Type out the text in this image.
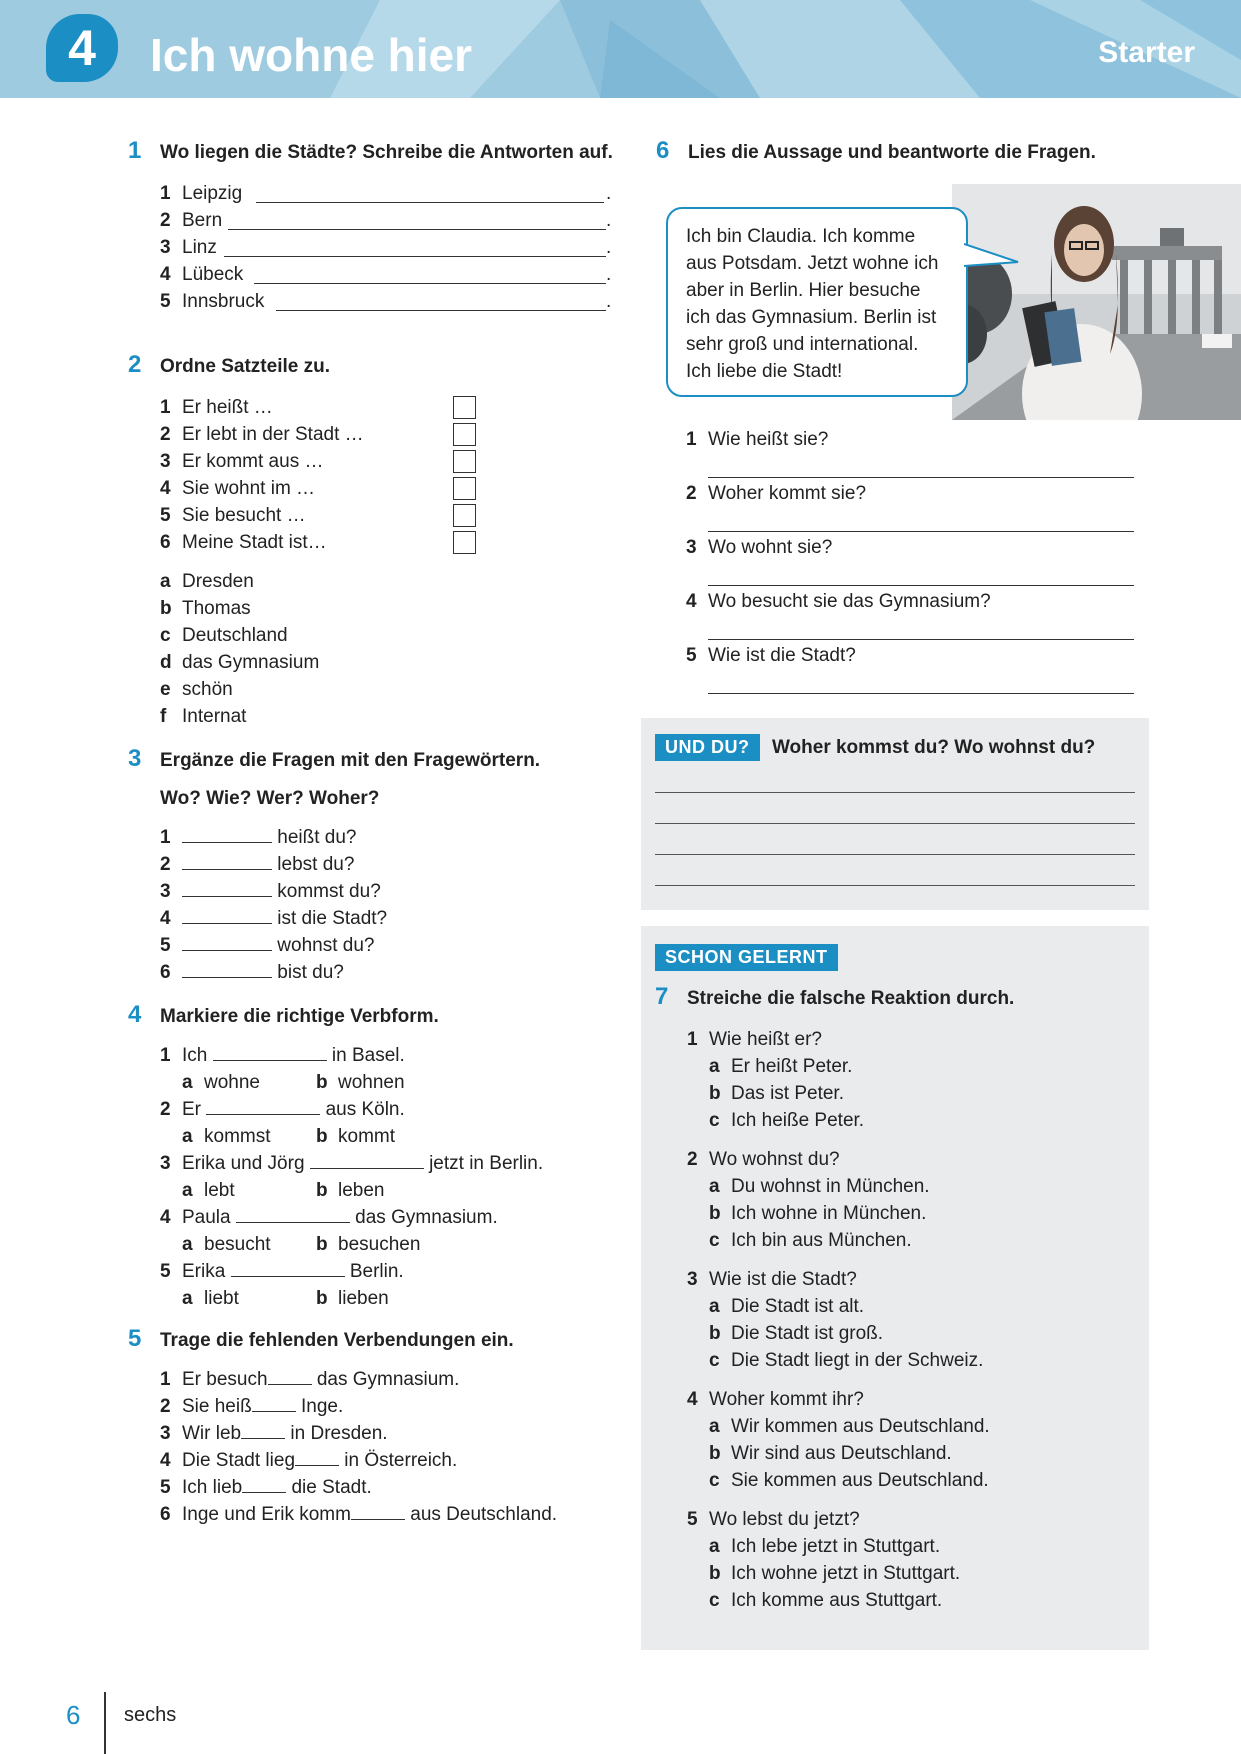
4	Ich wohne hier	Starter
1 Wo liegen die Städte? Schreibe die Antworten auf.
1 Leipzig	.
2 Bern	.
3 Linz	.
4 Lübeck	.
5 Innsbruck	.
2 Ordne Satzteile zu.
1 Er heißt …
2 Er lebt in der Stadt …
3 Er kommt aus …
4 Sie wohnt im …
5 Sie besucht …
6 Meine Stadt ist…
a Dresden
b Thomas
c Deutschland
d das Gymnasium
e schön
f Internat
3 Ergänze die Fragen mit den Fragewörtern.
Wo? Wie? Wer? Woher?
1	heißt du?
2	lebst du?
3	kommst du?
4	ist die Stadt?
5	wohnst du?
6	bist du?
4 Markiere die richtige Verbform.
1 Ich	in Basel.
a wohne	b wohnen
2 Er	aus Köln.
a kommst b kommt
3 Erika und Jörg	jetzt in Berlin.
a lebt	b leben
4 Paula	das Gymnasium.
a besucht b besuchen
5 Erika	Berlin.
a liebt	b lieben
5 Trage die fehlenden Verbendungen ein.
1 Er besuch	das Gymnasium.
2 Sie heiß	Inge.
3 Wir leb	in Dresden.
4 Die Stadt lieg	in Österreich.
5 Ich lieb	die Stadt.
6 Inge und Erik komm	aus Deutschland.
6 Lies die Aussage und beantworte die Fragen.
Ich bin Claudia. Ich komme aus Potsdam. Jetzt wohne ich aber in Berlin. Hier besuche ich das Gymnasium. Berlin ist sehr groß und international. Ich liebe die Stadt!
1 Wie heißt sie?
2 Woher kommt sie?
3 Wo wohnt sie?
4 Wo besucht sie das Gymnasium?
5 Wie ist die Stadt?
UND DU? Woher kommst du? Wo wohnst du?
SCHON GELERNT
7 Streiche die falsche Reaktion durch.
1 Wie heißt er?
a Er heißt Peter.
b Das ist Peter.
c Ich heiße Peter.
2 Wo wohnst du?
a Du wohnst in München.
b Ich wohne in München.
c Ich bin aus München.
3 Wie ist die Stadt?
a Die Stadt ist alt.
b Die Stadt ist groß.
c Die Stadt liegt in der Schweiz.
4 Woher kommt ihr?
a Wir kommen aus Deutschland.
b Wir sind aus Deutschland.
c Sie kommen aus Deutschland.
5 Wo lebst du jetzt?
a Ich lebe jetzt in Stuttgart.
b Ich wohne jetzt in Stuttgart.
c Ich komme aus Stuttgart.
6 sechs
